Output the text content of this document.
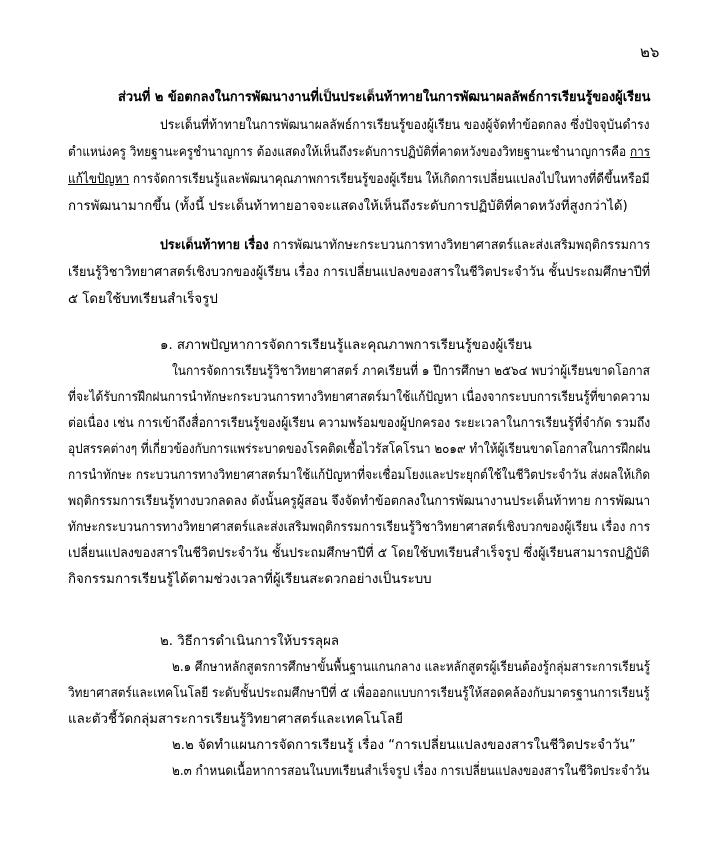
๒๖
ส่วนที่ ๒ ข้อตกลงในการพัฒนางานที่เป็นประเด็นท้าทายในการพัฒนาผลลัพธ์การเรียนรู้ของผู้เรียน
ประเด็นที่ท้าทายในการพัฒนาผลลัพธ์การเรียนรู้ของผู้เรียน ของผู้จัดทำข้อตกลง ซึ่งปัจจุบันดำรง
ตำแหน่งครู วิทยฐานะครูชำนาญการ ต้องแสดงให้เห็นถึงระดับการปฏิบัติที่คาดหวังของวิทยฐานะชำนาญการคือ การ
แก้ไขปัญหา การจัดการเรียนรู้และพัฒนาคุณภาพการเรียนรู้ของผู้เรียน ให้เกิดการเปลี่ยนแปลงไปในทางที่ดีขึ้นหรือมี
การพัฒนามากขึ้น (ทั้งนี้ ประเด็นท้าทายอาจจะแสดงให้เห็นถึงระดับการปฏิบัติที่คาดหวังที่สูงกว่าได้)
ประเด็นท้าทาย เรื่อง การพัฒนาทักษะกระบวนการทางวิทยาศาสตร์และส่งเสริมพฤติกรรมการ
เรียนรู้วิชาวิทยาศาสตร์เชิงบวกของผู้เรียน เรื่อง การเปลี่ยนแปลงของสารในชีวิตประจำวัน ชั้นประถมศึกษาปีที่
๕ โดยใช้บทเรียนสำเร็จรูป
๑. สภาพปัญหาการจัดการเรียนรู้และคุณภาพการเรียนรู้ของผู้เรียน
ในการจัดการเรียนรู้วิชาวิทยาศาสตร์ ภาคเรียนที่ ๑ ปีการศึกษา ๒๕๖๔ พบว่าผู้เรียนขาดโอกาส
ที่จะได้รับการฝึกฝนการนำทักษะกระบวนการทางวิทยาศาสตร์มาใช้แก้ปัญหา เนื่องจากระบบการเรียนรู้ที่ขาดความ
ต่อเนื่อง เช่น การเข้าถึงสื่อการเรียนรู้ของผู้เรียน ความพร้อมของผู้ปกครอง ระยะเวลาในการเรียนรู้ที่จำกัด รวมถึง
อุปสรรคต่างๆ ที่เกี่ยวข้องกับการแพร่ระบาดของโรคติดเชื้อไวรัสโคโรนา ๒๐๑๙ ทำให้ผู้เรียนขาดโอกาสในการฝึกฝน
การนำทักษะ กระบวนการทางวิทยาศาสตร์มาใช้แก้ปัญหาที่จะเชื่อมโยงและประยุกต์ใช้ในชีวิตประจำวัน ส่งผลให้เกิด
พฤติกรรมการเรียนรู้ทางบวกลดลง ดังนั้นครูผู้สอน จึงจัดทำข้อตกลงในการพัฒนางานประเด็นท้าทาย การพัฒนา
ทักษะกระบวนการทางวิทยาศาสตร์และส่งเสริมพฤติกรรมการเรียนรู้วิชาวิทยาศาสตร์เชิงบวกของผู้เรียน เรื่อง การ
เปลี่ยนแปลงของสารในชีวิตประจำวัน ชั้นประถมศึกษาปีที่ ๕ โดยใช้บทเรียนสำเร็จรูป ซึ่งผู้เรียนสามารถปฏิบัติ
กิจกรรมการเรียนรู้ได้ตามช่วงเวลาที่ผู้เรียนสะดวกอย่างเป็นระบบ
๒. วิธีการดำเนินการให้บรรลุผล
๒.๑ ศึกษาหลักสูตรการศึกษาขั้นพื้นฐานแกนกลาง และหลักสูตรผู้เรียนต้องรู้กลุ่มสาระการเรียนรู้
วิทยาศาสตร์และเทคโนโลยี ระดับชั้นประถมศึกษาปีที่ ๕ เพื่อออกแบบการเรียนรู้ให้สอดคล้องกับมาตรฐานการเรียนรู้
และตัวชี้วัดกลุ่มสาระการเรียนรู้วิทยาศาสตร์และเทคโนโลยี
๒.๒ จัดทำแผนการจัดการเรียนรู้ เรื่อง “การเปลี่ยนแปลงของสารในชีวิตประจำวัน”
๒.๓ กำหนดเนื้อหาการสอนในบทเรียนสำเร็จรูป เรื่อง การเปลี่ยนแปลงของสารในชีวิตประจำวัน
